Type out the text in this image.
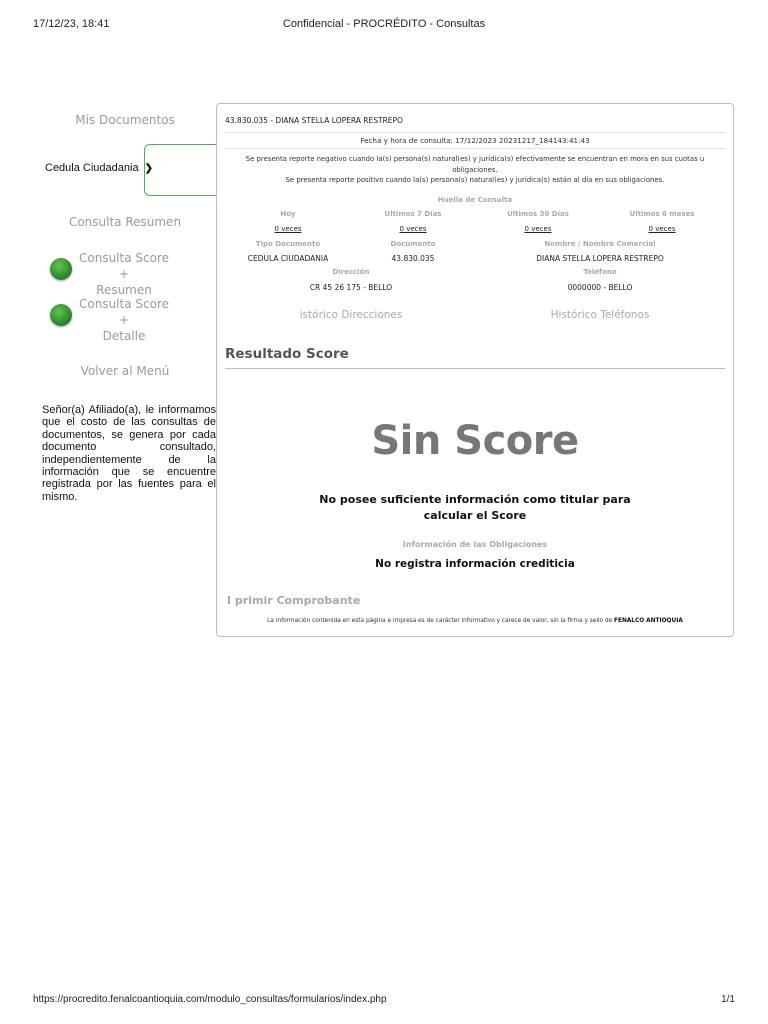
17/12/23, 18:41	Confidencial - PROCRÉDITO - Consultas
https://procredito.fenalcoantioquia.com/modulo_consultas/formularios/index.php	1/1
Mis Documentos
Cedula Ciudadania ❯
Consulta Resumen
Consulta Score +
Resumen
Consulta Score +
Detalle
Volver al Menú
Señor(a) Afiliado(a), le informamos que el costo de las consultas de documentos, se genera por cada documento consultado, independientemente de la información que se encuentre registrada por las fuentes para el mismo.
43.830.035 - DIANA STELLA LOPERA RESTREPO
Fecha y hora de consulta: 17/12/2023 20231217_184143:41:43
Se presenta reporte negativo cuando la(s) persona(s) natural(es) y jurídica(s) efectivamente se encuentran en mora en sus cuotas u obligaciones.
Se presenta reporte positivo cuando la(s) persona(s) natural(es) y jurídica(s) están al día en sus obligaciones.
Huella de Consulta
Hoy	Ultimos 7 Días	Ultimos 30 Días	Ultimos 6 meses
0 veces	0 veces	0 veces	0 veces
Tipo Documento	Documento	Nombre / Nombre Comercial
CEDULA CIUDADANIA	43.830.035	DIANA STELLA LOPERA RESTREPO
Dirección	Teléfono
CR 45 26 175 - BELLO	0000000 - BELLO
istórico Direcciones	Histórico Teléfonos
Resultado Score
Sin Score
No posee suficiente información como titular para
calcular el Score
Información de las Obligaciones
No registra información crediticia
I primir Comprobante
La información contenida en esta página e impresa es de carácter informativo y carece de valor, sin la firma y sello de FENALCO ANTIOQUIA
